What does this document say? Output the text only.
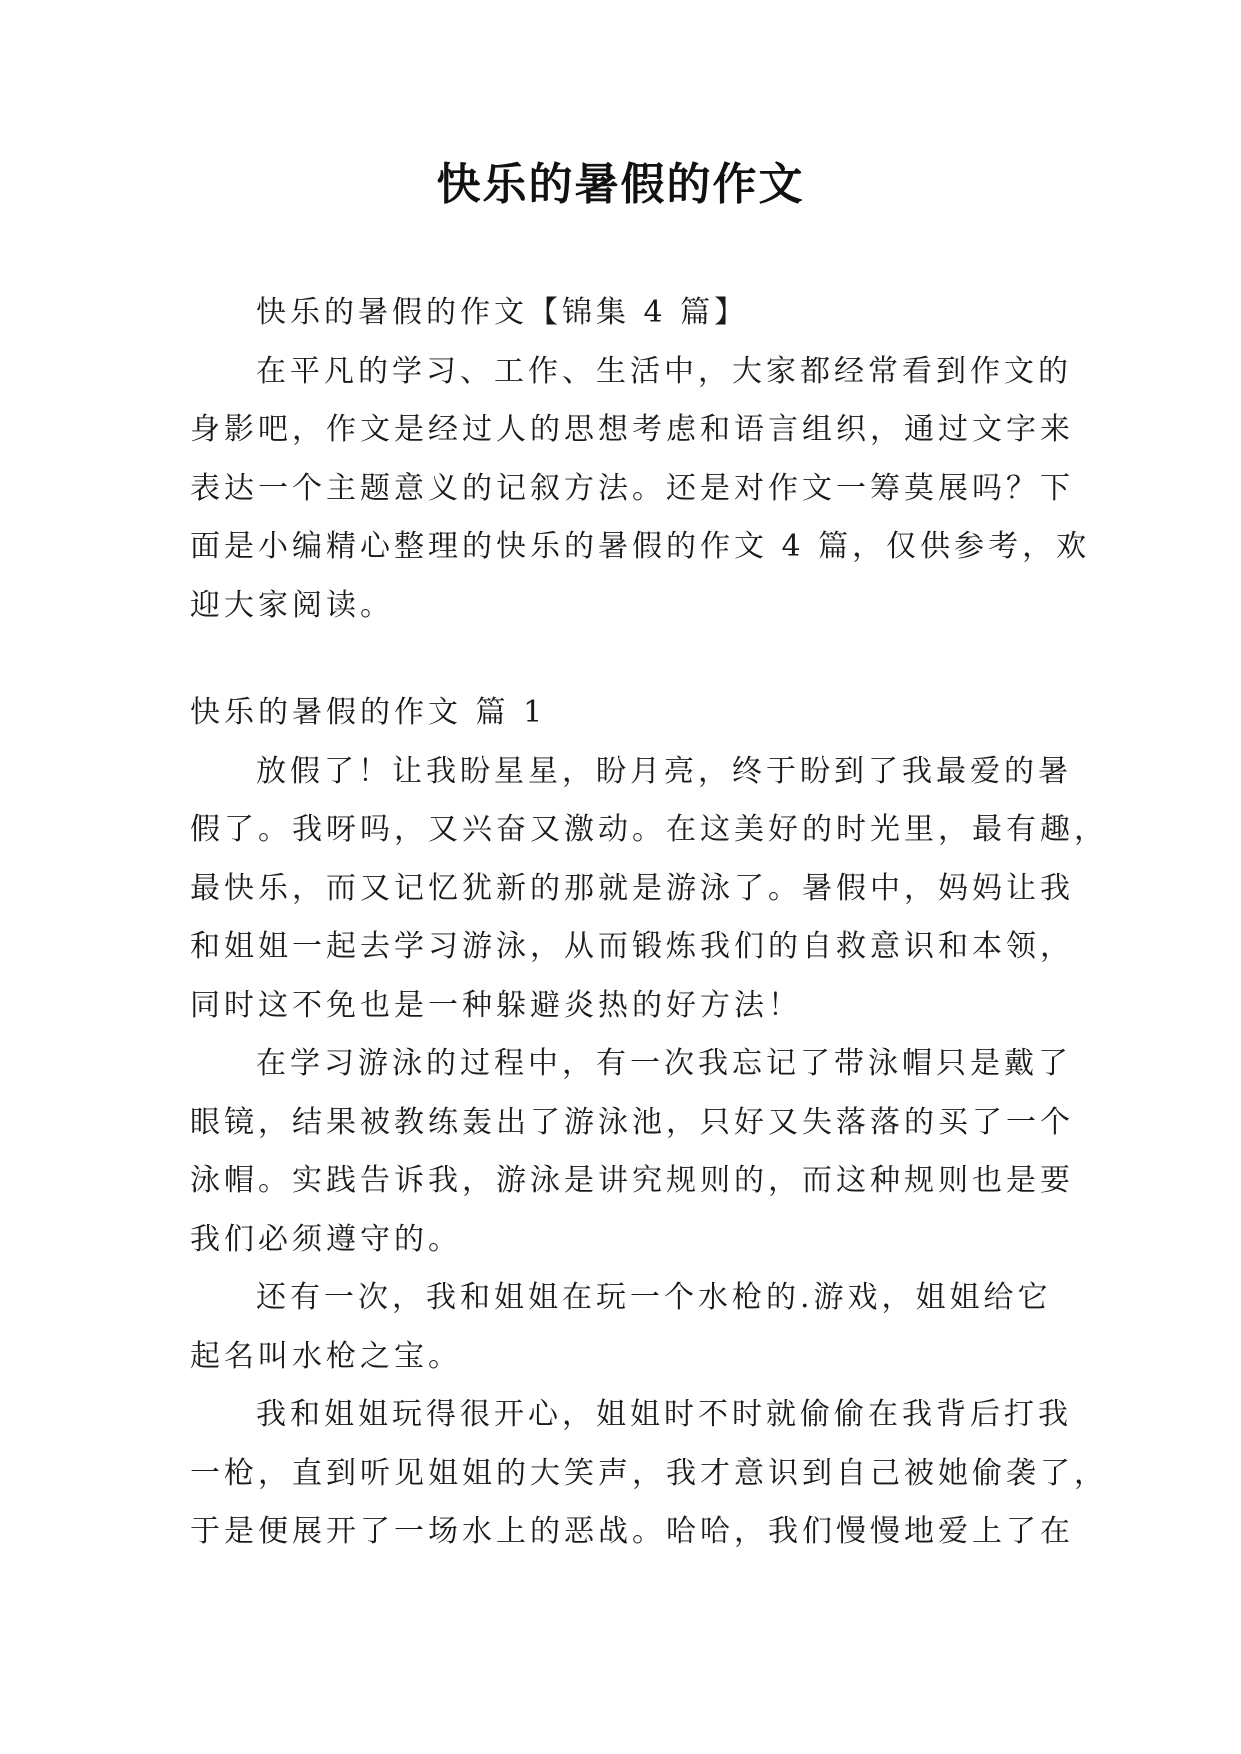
快乐的暑假的作文
快乐的暑假的作文【锦集 4 篇】
在平凡的学习、工作、生活中，大家都经常看到作文的
身影吧，作文是经过人的思想考虑和语言组织，通过文字来
表达一个主题意义的记叙方法。还是对作文一筹莫展吗？下
面是小编精心整理的快乐的暑假的作文 4 篇，仅供参考，欢
迎大家阅读。
快乐的暑假的作文 篇 1
放假了！让我盼星星，盼月亮，终于盼到了我最爱的暑
假了。我呀吗，又兴奋又激动。在这美好的时光里，最有趣，
最快乐，而又记忆犹新的那就是游泳了。暑假中，妈妈让我
和姐姐一起去学习游泳，从而锻炼我们的自救意识和本领，
同时这不免也是一种躲避炎热的好方法！
在学习游泳的过程中，有一次我忘记了带泳帽只是戴了
眼镜，结果被教练轰出了游泳池，只好又失落落的买了一个
泳帽。实践告诉我，游泳是讲究规则的，而这种规则也是要
我们必须遵守的。
还有一次，我和姐姐在玩一个水枪的.游戏，姐姐给它
起名叫水枪之宝。
我和姐姐玩得很开心，姐姐时不时就偷偷在我背后打我
一枪，直到听见姐姐的大笑声，我才意识到自己被她偷袭了，
于是便展开了一场水上的恶战。哈哈，我们慢慢地爱上了在
